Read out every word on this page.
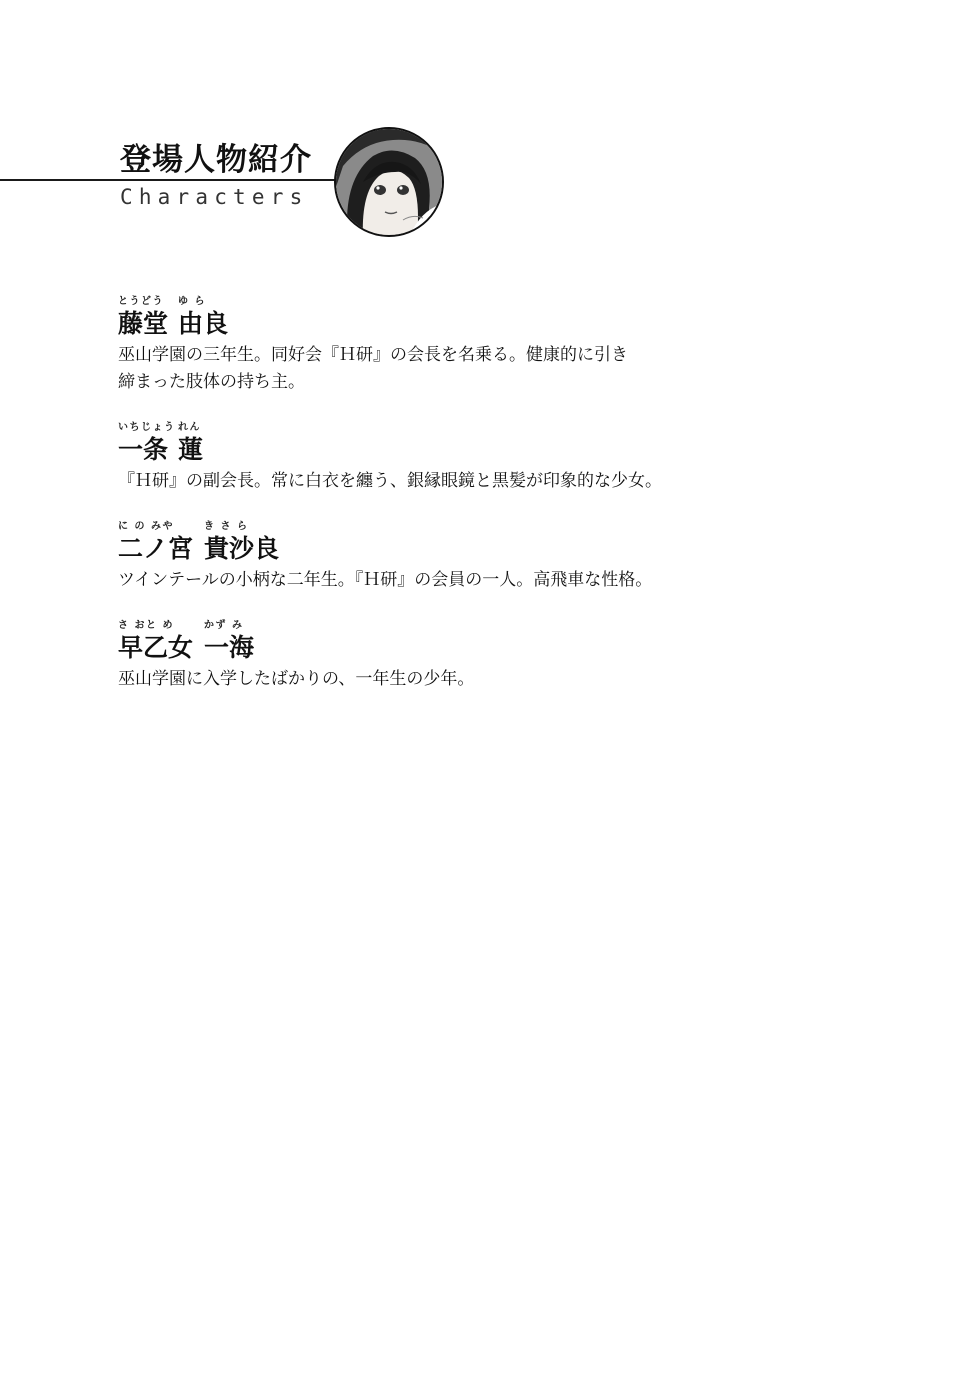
登場人物紹介
Characters
とうどう
藤堂
ゆ ら
由良

巫山学園の三年生。同好会『Ｈ研』の会長を名乗る。健康的に引き
締まった肢体の持ち主。

いちじょう
一条
れん
蓮

『Ｈ研』の副会長。常に白衣を纏う、銀縁眼鏡と黒髪が印象的な少女。

に の みや
二ノ宮
き さ ら
貴沙良

ツインテールの小柄な二年生。『Ｈ研』の会員の一人。高飛車な性格。

さ おと め
早乙女
かず み
一海

巫山学園に入学したばかりの、一年生の少年。
